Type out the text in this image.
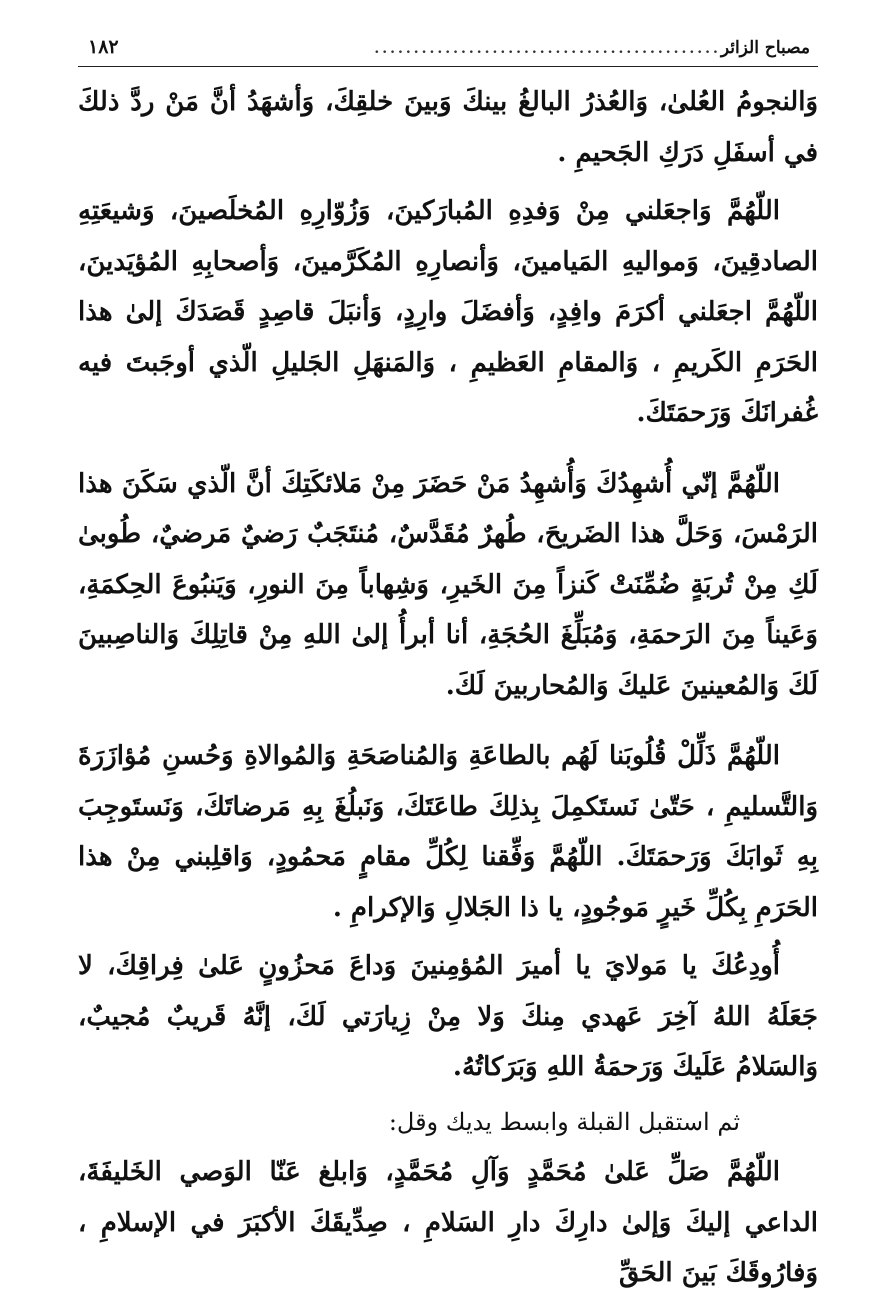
مصباح الزائر
............................................
١٨٢

وَالنجومُ العُلىٰ، وَالعُذرُ البالغُ بينكَ وَبينَ خلقِكَ، وَأشهَدُ أنَّ مَنْ ردَّ ذلكَ في أسفَلِ دَرَكِ الجَحيمِ .

اللّهُمَّ وَاجعَلني مِنْ وَفدِهِ المُبارَكينَ، وَزُوّارِهِ المُخلَصينَ، وَشيعَتِهِ الصادقِينَ، وَمواليهِ المَيامينَ، وَأنصارِهِ المُكَرَّمينَ، وَأصحابِهِ المُؤيَدينَ، اللّهُمَّ اجعَلني أكرَمَ وافِدٍ، وَأفضَلَ وارِدٍ، وَأنبَلَ قاصِدٍ قَصَدَكَ إلىٰ هذا الحَرَمِ الكَريمِ ، وَالمقامِ العَظيمِ ، وَالمَنهَلِ الجَليلِ الّذي أوجَبتَ فيه غُفرانَكَ وَرَحمَتَكَ.

اللّهُمَّ إنّي أُشهِدُكَ وَأُشهِدُ مَنْ حَضَرَ مِنْ مَلائكَتِكَ أنَّ الّذي سَكَنَ هذا الرَمْسَ، وَحَلَّ هذا الضَريحَ، طُهرٌ مُقَدَّسٌ، مُنتَجَبٌ رَضيٌ مَرضيٌ، طُوبىٰ لَكِ مِنْ تُربَةٍ ضُمِّنَتْ كَنزاً مِنَ الخَيرِ، وَشِهاباً مِنَ النورِ، وَيَنبُوعَ الحِكمَةِ، وَعَيناً مِنَ الرَحمَةِ، وَمُبَلِّغَ الحُجَةِ، أنا أبرأُ إلىٰ اللهِ مِنْ قاتِلِكَ وَالناصِبينَ لَكَ وَالمُعينينَ عَليكَ وَالمُحاربينَ لَكَ.

اللّهُمَّ ذَلِّلْ قُلُوبَنا لَهُم بالطاعَةِ وَالمُناصَحَةِ وَالمُوالاةِ وَحُسنِ مُؤازَرَةَ وَالتَّسليمِ ، حَتّىٰ نَستَكمِلَ بِذلِكَ طاعَتَكَ، وَنَبلُغَ بِهِ مَرضاتَكَ، وَنَستَوجِبَ بِهِ ثَوابَكَ وَرَحمَتَكَ. اللّهُمَّ وَفِّقنا لِكُلِّ مقامٍ مَحمُودٍ، وَاقلِبني مِنْ هذا الحَرَمِ بِكُلِّ خَيرٍ مَوجُودٍ، يا ذا الجَلالِ وَالإكرامِ .

أُودِعُكَ يا مَولايَ يا أميرَ المُؤمِنينَ وَداعَ مَحزُونٍ عَلىٰ فِراقِكَ، لا جَعَلَهُ اللهُ آخِرَ عَهدي مِنكَ وَلا مِنْ زِيارَتي لَكَ، إنَّهُ قَريبٌ مُجيبٌ، وَالسَلامُ عَلَيكَ وَرَحمَةُ اللهِ وَبَرَكاتُهُ.

ثم استقبل القبلة وابسط يديك وقل:

اللّهُمَّ صَلِّ عَلىٰ مُحَمَّدٍ وَآلِ مُحَمَّدٍ، وَابلغ عَنّا الوَصي الخَليفَةَ، الداعي إليكَ وَإلىٰ دارِكَ دارِ السَلامِ ، صِدِّيقَكَ الأكبَرَ في الإسلامِ ، وَفارُوقَكَ بَينَ الحَقِّ
